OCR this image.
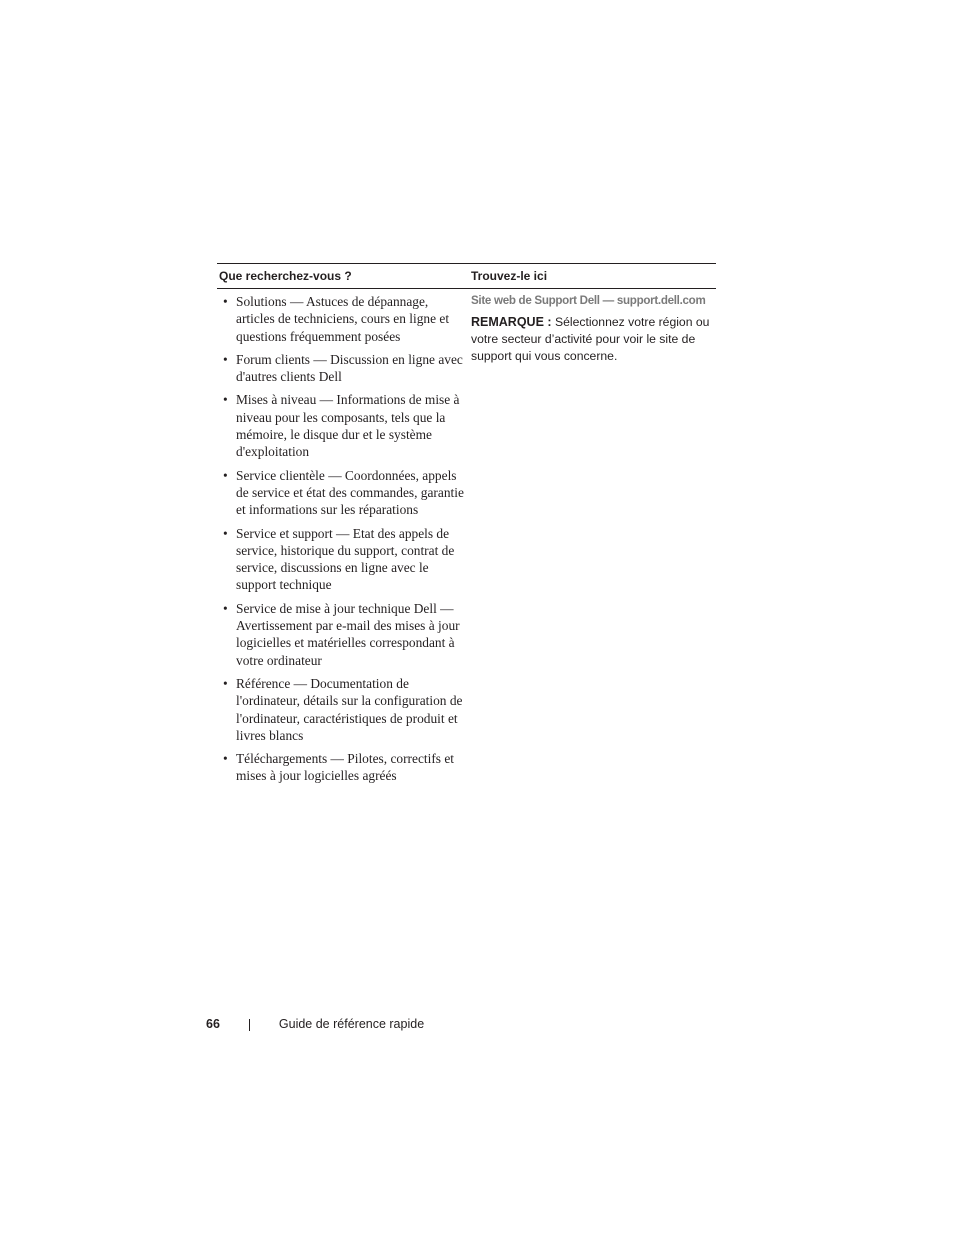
Que recherchez-vous ?	Trouvez-le ici
• Solutions — Astuces de dépannage, articles de techniciens, cours en ligne et questions fréquemment posées
• Forum clients — Discussion en ligne avec d'autres clients Dell
• Mises à niveau — Informations de mise à niveau pour les composants, tels que la mémoire, le disque dur et le système d'exploitation
• Service clientèle — Coordonnées, appels de service et état des commandes, garantie et informations sur les réparations
• Service et support — Etat des appels de service, historique du support, contrat de service, discussions en ligne avec le support technique
• Service de mise à jour technique Dell — Avertissement par e-mail des mises à jour logicielles et matérielles correspondant à votre ordinateur
• Référence — Documentation de l'ordinateur, détails sur la configuration de l'ordinateur, caractéristiques de produit et livres blancs
• Téléchargements — Pilotes, correctifs et mises à jour logicielles agréés
Site web de Support Dell — support.dell.com
REMARQUE : Sélectionnez votre région ou votre secteur d’activité pour voir le site de support qui vous concerne.
66	Guide de référence rapide
